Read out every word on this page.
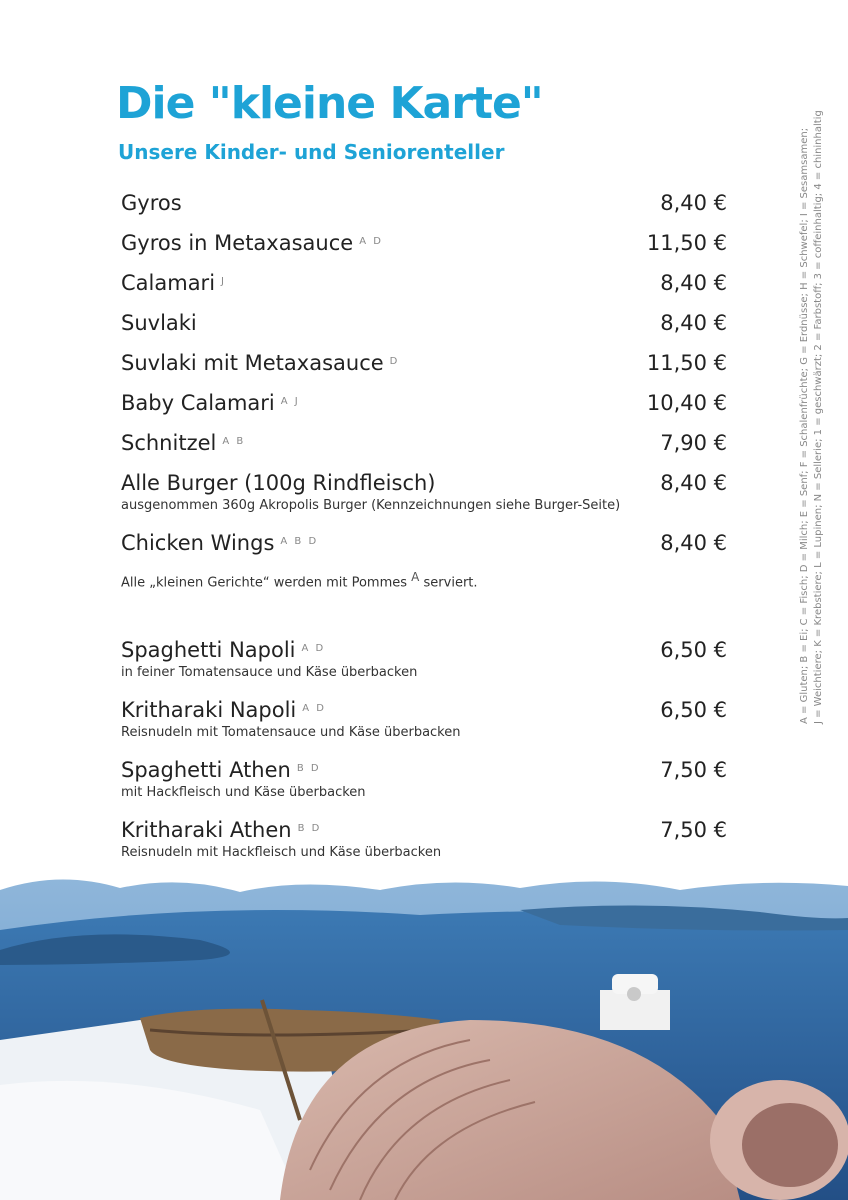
Die "kleine Karte"
Unsere Kinder- und Seniorenteller
Gyros	8,40 €
Gyros in Metaxasauce $^{A D}$	11,50 €
Calamari $^J$	8,40 €
Suvlaki	8,40 €
Suvlaki mit Metaxasauce $^D$	11,50 €
Baby Calamari $^{A J}$	10,40 €
Schnitzel $^{A B}$	7,90 €
Alle Burger (100g Rindfleisch)	8,40 €
ausgenommen 360g Akropolis Burger (Kennzeichnungen siehe Burger-Seite)
Chicken Wings $^{A B D}$	8,40 €
Spaghetti Napoli $^{A D}$	6,50 €
in feiner Tomatensauce und Käse überbacken
Kritharaki Napoli $^{A D}$	6,50 €
Reisnudeln mit Tomatensauce und Käse überbacken
Spaghetti Athen $^{B D}$	7,50 €
mit Hackfleisch und Käse überbacken
Kritharaki Athen $^{B D}$	7,50 €
Reisnudeln mit Hackfleisch und Käse überbacken
Alle „kleinen Gerichte“ werden mit Pommes $^A$ serviert.	A = Gluten; B = Ei; C = Fisch; D = Milch; E = Senf; F = Schalenfrüchte; G = Erdnüsse; H = Schwefel; I = Sesamsamen; J = Weichtiere; K = Krebstiere; L = Lupinen; N = Sellerie; 1 = geschwärzt; 2 = Farbstoff; 3 = coffeinhaltig; 4 = chininhaltig
